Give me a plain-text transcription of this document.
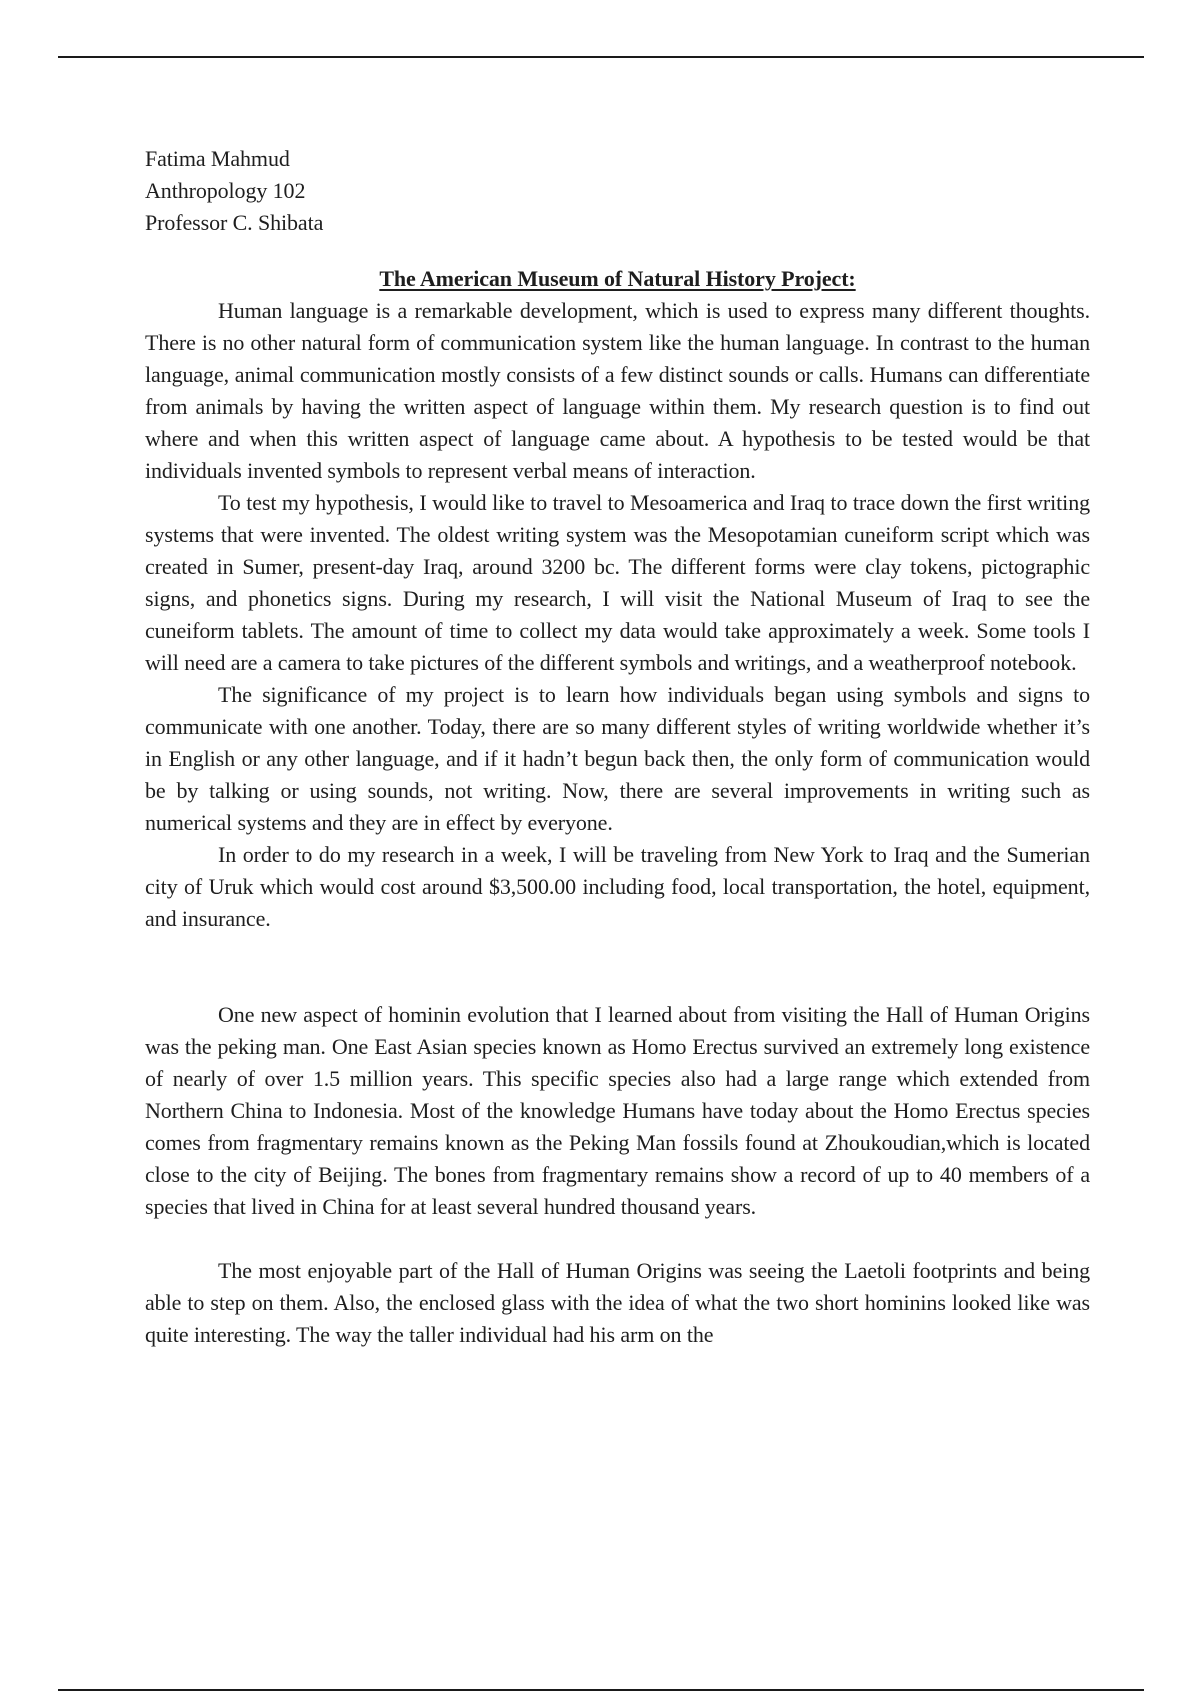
Fatima Mahmud

Anthropology 102

Professor C. Shibata

The American Museum of Natural History Project:

Human language is a remarkable development, which is used to express many different thoughts. There is no other natural form of communication system like the human language. In contrast to the human language, animal communication mostly consists of a few distinct sounds or calls. Humans can differentiate from animals by having the written aspect of language within them. My research question is to find out where and when this written aspect of language came about. A hypothesis to be tested would be that individuals invented symbols to represent verbal means of interaction.

To test my hypothesis, I would like to travel to Mesoamerica and Iraq to trace down the first writing systems that were invented. The oldest writing system was the Mesopotamian cuneiform script which was created in Sumer, present-day Iraq, around 3200 bc. The different forms were clay tokens, pictographic signs, and phonetics signs. During my research, I will visit the National Museum of Iraq to see the cuneiform tablets. The amount of time to collect my data would take approximately a week. Some tools I will need are a camera to take pictures of the different symbols and writings, and a weatherproof notebook.

The significance of my project is to learn how individuals began using symbols and signs to communicate with one another. Today, there are so many different styles of writing worldwide whether it’s in English or any other language, and if it hadn’t begun back then, the only form of communication would be by talking or using sounds, not writing. Now, there are several improvements in writing such as numerical systems and they are in effect by everyone.

In order to do my research in a week, I will be traveling from New York to Iraq and the Sumerian city of Uruk which would cost around $3,500.00 including food, local transportation, the hotel, equipment, and insurance.

One new aspect of hominin evolution that I learned about from visiting the Hall of Human Origins was the peking man. One East Asian species known as Homo Erectus survived an extremely long existence of nearly of over 1.5 million years. This specific species also had a large range which extended from Northern China to Indonesia. Most of the knowledge Humans have today about the Homo Erectus species comes from fragmentary remains known as the Peking Man fossils found at Zhoukoudian,which is located close to the city of Beijing. The bones from fragmentary remains show a record of up to 40 members of a species that lived in China for at least several hundred thousand years.

The most enjoyable part of the Hall of Human Origins was seeing the Laetoli footprints and being able to step on them. Also, the enclosed glass with the idea of what the two short hominins looked like was quite interesting. The way the taller individual had his arm on the
